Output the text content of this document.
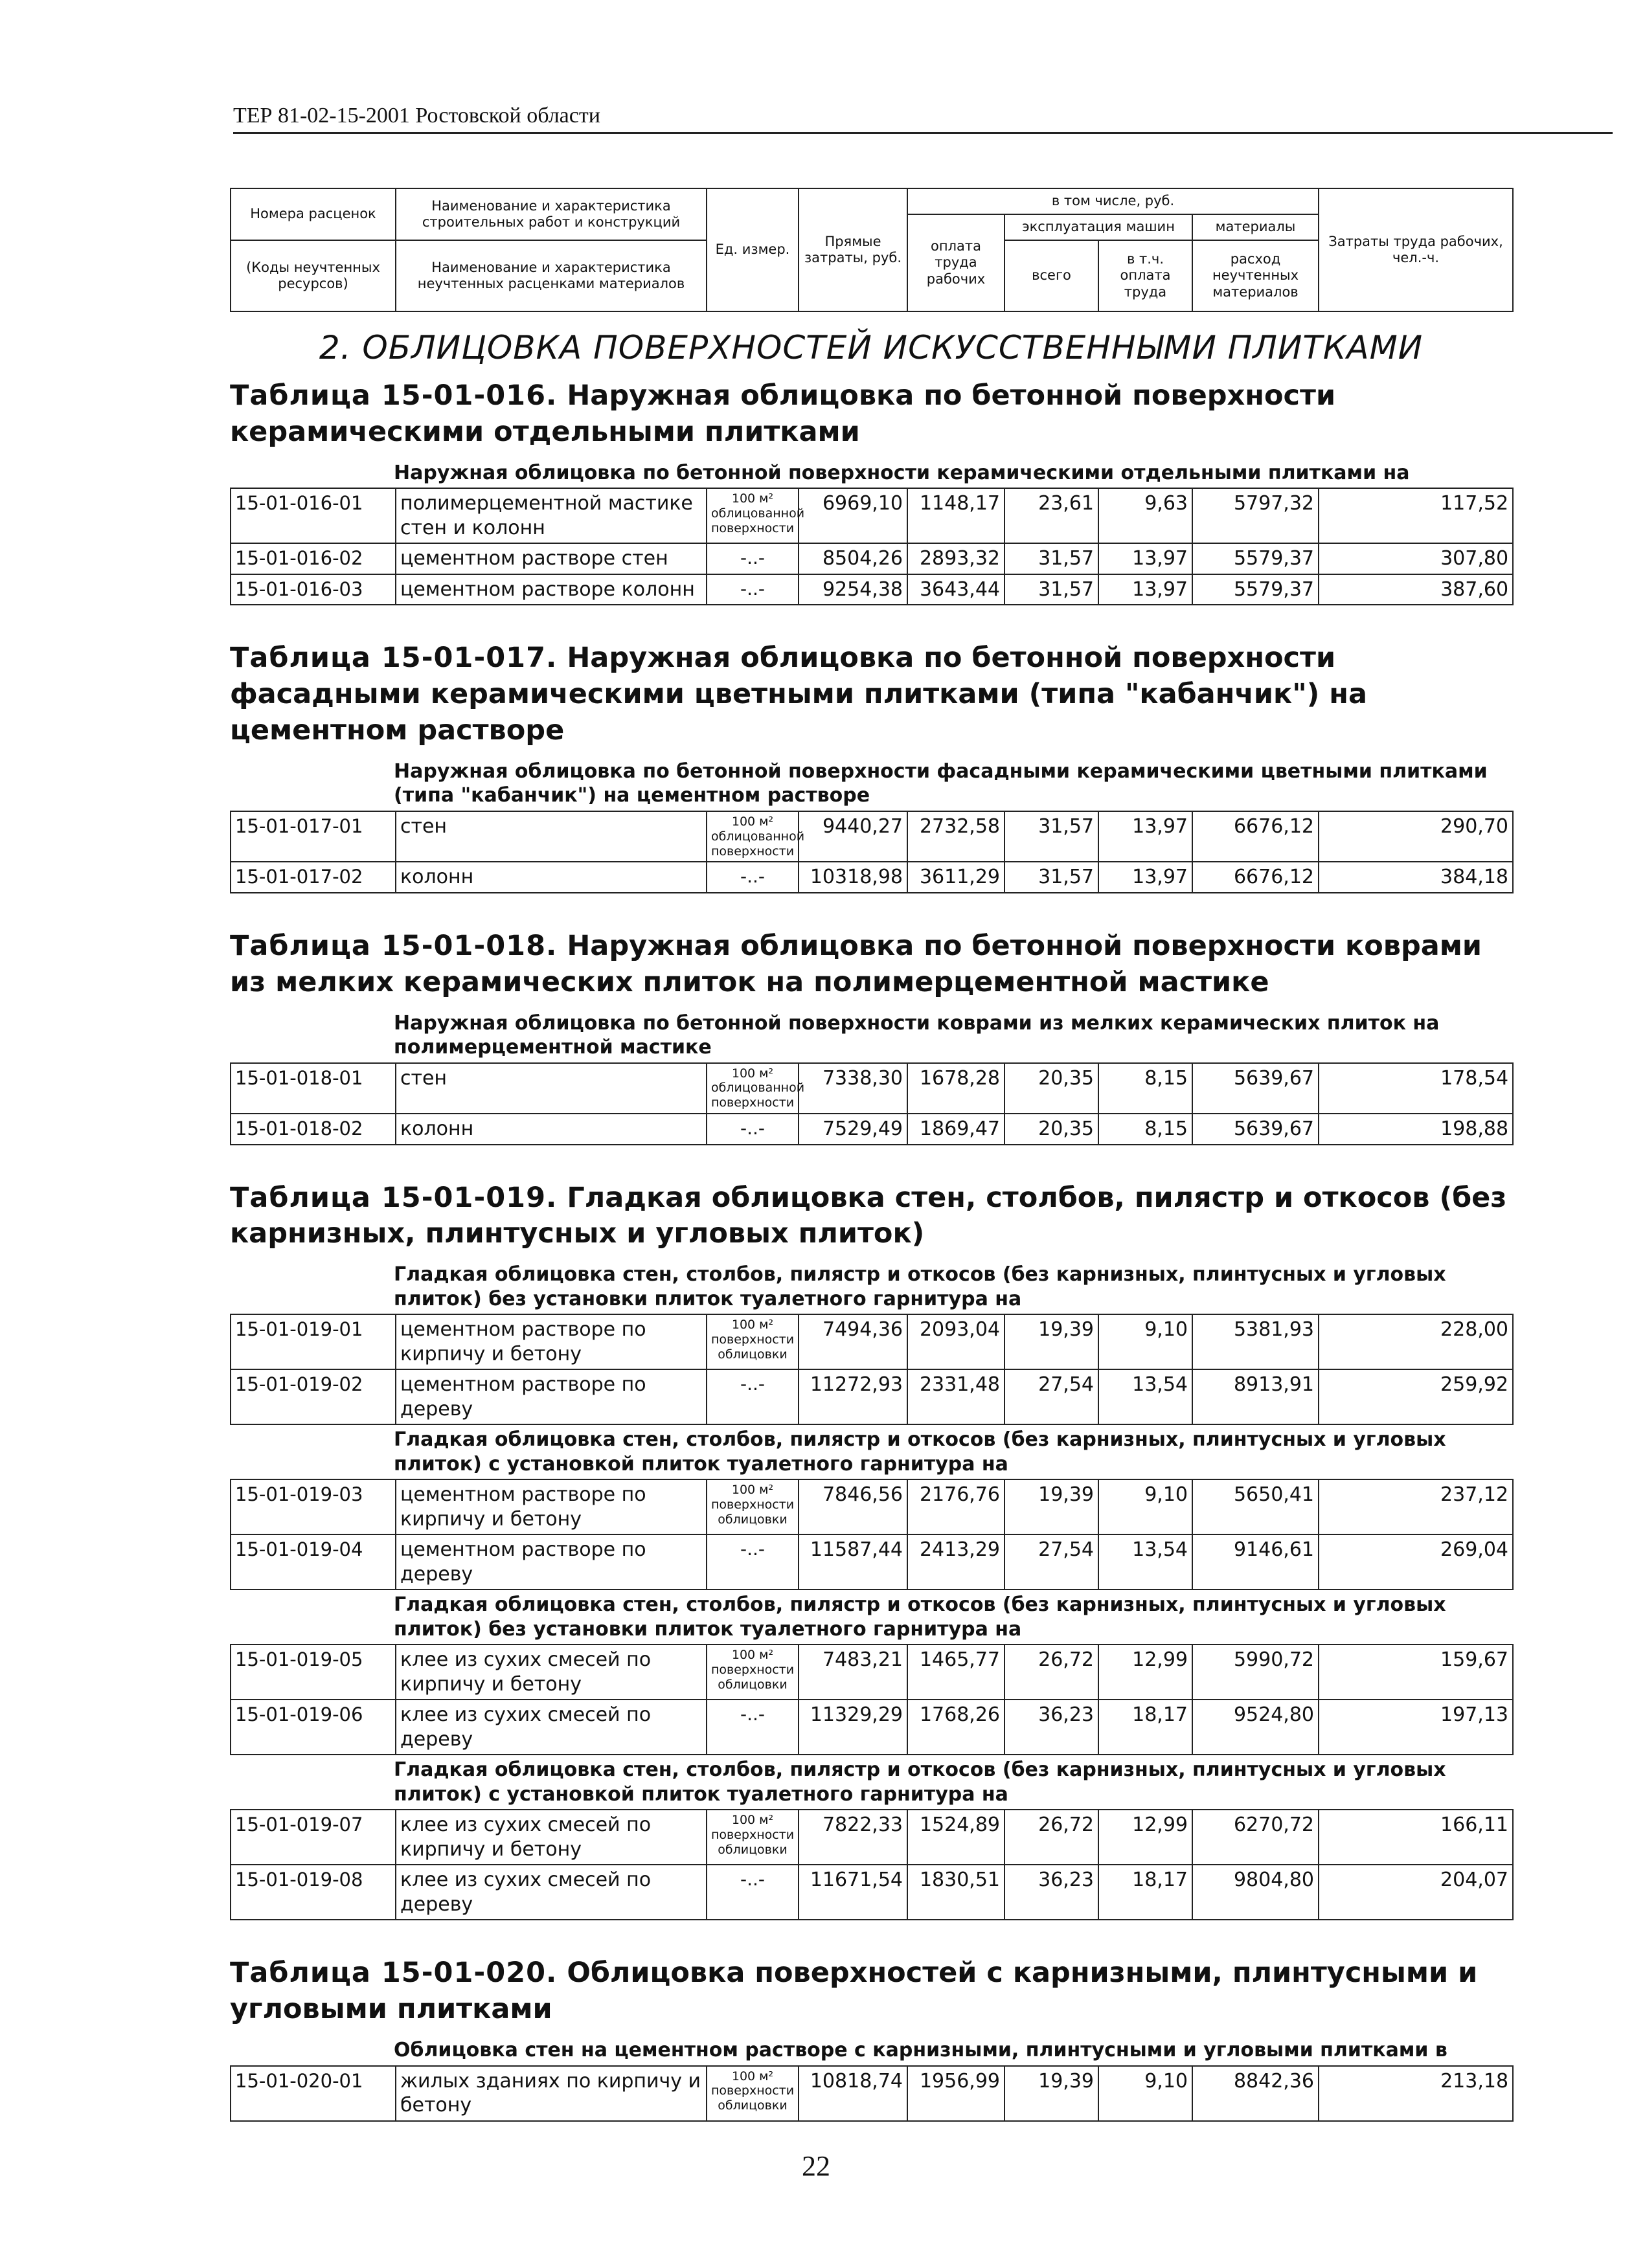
ТЕР 81-02-15-2001 Ростовской области
Номера расценок	Наименование и характеристика строительных работ и конструкций	Ед. измер.	Прямые затраты, руб.	в том числе, руб.				Затраты труда рабочих, чел.-ч.
				оплата труда рабочих	эксплуатация машин		материалы	
(Коды неучтенных ресурсов)	Наименование и характеристика неучтенных расценками материалов				всего	в т.ч. оплата труда	расход неучтенных материалов	

2. ОБЛИЦОВКА ПОВЕРХНОСТЕЙ ИСКУССТВЕННЫМИ ПЛИТКАМИ
Таблица 15-01-016. Наружная облицовка по бетонной поверхности керамическими отдельными плитками
Наружная облицовка по бетонной поверхности керамическими отдельными плитками на								
15-01-016-01	полимерцементной мастике стен и колонн	100 м² облицованной поверхности	6969,10	1148,17	23,61	9,63	5797,32	117,52
15-01-016-02	цементном растворе стен	-..-	8504,26	2893,32	31,57	13,97	5579,37	307,80
15-01-016-03	цементном растворе колонн	-..-	9254,38	3643,44	31,57	13,97	5579,37	387,60
Таблица 15-01-017. Наружная облицовка по бетонной поверхности фасадными керамическими цветными плитками (типа "кабанчик") на цементном растворе
Наружная облицовка по бетонной поверхности фасадными керамическими цветными плитками (типа "кабанчик") на цементном растворе								
15-01-017-01	стен	100 м² облицованной поверхности	9440,27	2732,58	31,57	13,97	6676,12	290,70
15-01-017-02	колонн	-..-	10318,98	3611,29	31,57	13,97	6676,12	384,18
Таблица 15-01-018. Наружная облицовка по бетонной поверхности коврами из мелких керамических плиток на полимерцементной мастике
Наружная облицовка по бетонной поверхности коврами из мелких керамических плиток на полимерцементной мастике								
15-01-018-01	стен	100 м² облицованной поверхности	7338,30	1678,28	20,35	8,15	5639,67	178,54
15-01-018-02	колонн	-..-	7529,49	1869,47	20,35	8,15	5639,67	198,88
Таблица 15-01-019. Гладкая облицовка стен, столбов, пилястр и откосов (без карнизных, плинтусных и угловых плиток)
Гладкая облицовка стен, столбов, пилястр и откосов (без карнизных, плинтусных и угловых плиток) без установки плиток туалетного гарнитура на								
15-01-019-01	цементном растворе по кирпичу и бетону	100 м² поверхности облицовки	7494,36	2093,04	19,39	9,10	5381,93	228,00
15-01-019-02	цементном растворе по дереву	-..-	11272,93	2331,48	27,54	13,54	8913,91	259,92
Гладкая облицовка стен, столбов, пилястр и откосов (без карнизных, плинтусных и угловых плиток) с установкой плиток туалетного гарнитура на								
15-01-019-03	цементном растворе по кирпичу и бетону	100 м² поверхности облицовки	7846,56	2176,76	19,39	9,10	5650,41	237,12
15-01-019-04	цементном растворе по дереву	-..-	11587,44	2413,29	27,54	13,54	9146,61	269,04
Гладкая облицовка стен, столбов, пилястр и откосов (без карнизных, плинтусных и угловых плиток) без установки плиток туалетного гарнитура на								
15-01-019-05	клее из сухих смесей по кирпичу и бетону	100 м² поверхности облицовки	7483,21	1465,77	26,72	12,99	5990,72	159,67
15-01-019-06	клее из сухих смесей по дереву	-..-	11329,29	1768,26	36,23	18,17	9524,80	197,13
Гладкая облицовка стен, столбов, пилястр и откосов (без карнизных, плинтусных и угловых плиток) с установкой плиток туалетного гарнитура на								
15-01-019-07	клее из сухих смесей по кирпичу и бетону	100 м² поверхности облицовки	7822,33	1524,89	26,72	12,99	6270,72	166,11
15-01-019-08	клее из сухих смесей по дереву	-..-	11671,54	1830,51	36,23	18,17	9804,80	204,07
Таблица 15-01-020. Облицовка поверхностей с карнизными, плинтусными и угловыми плитками
Облицовка стен на цементном растворе с карнизными, плинтусными и угловыми плитками в
15-01-020-01	жилых зданиях по кирпичу и бетону	100 м² поверхности облицовки	10818,74	1956,99	19,39	9,10	8842,36	213,18
22
